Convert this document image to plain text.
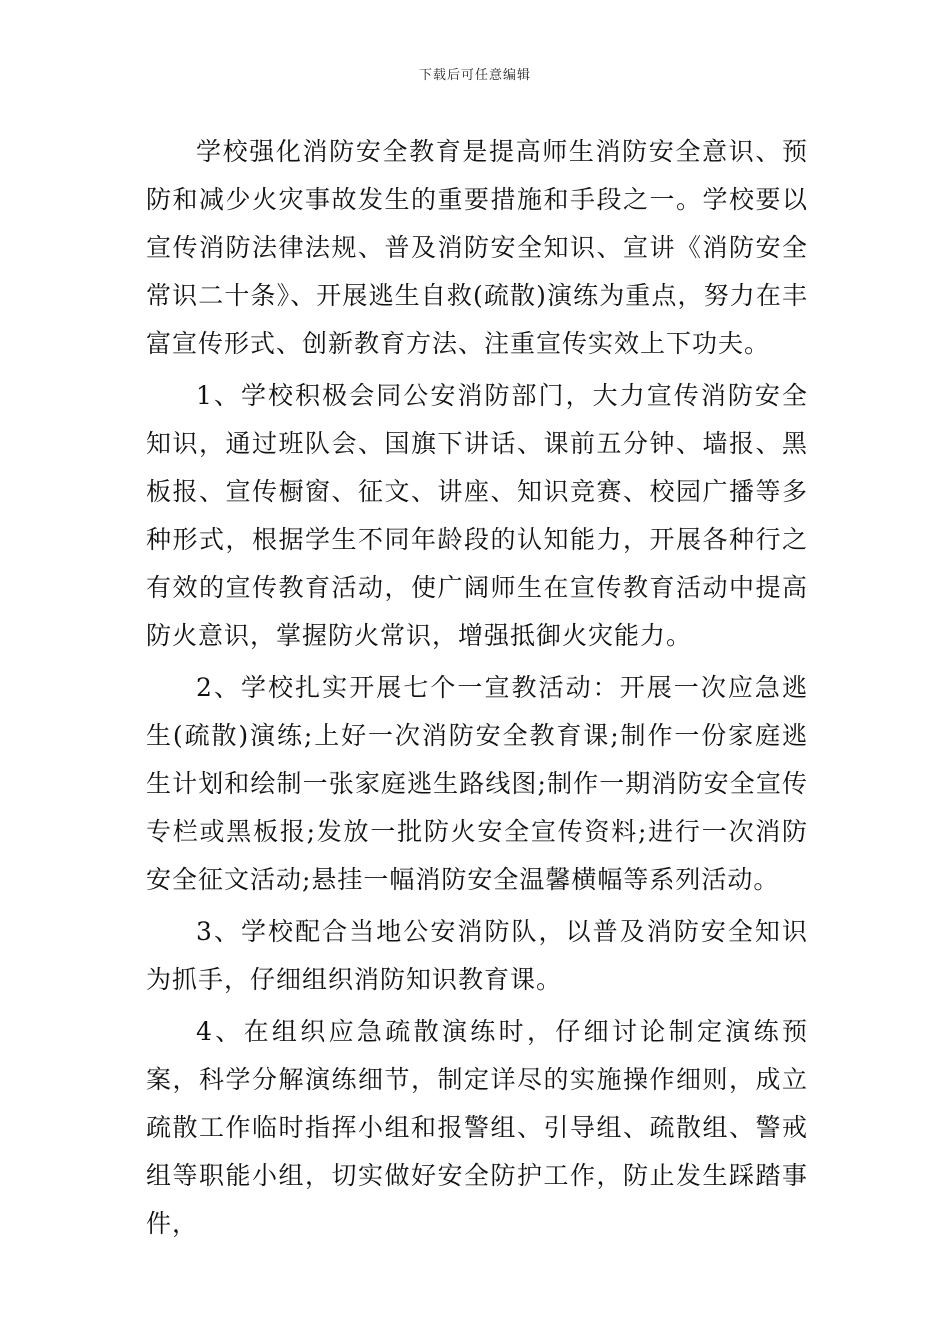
下载后可任意编辑

学校强化消防安全教育是提高师生消防安全意识、预防和减少火灾事故发生的重要措施和手段之一。学校要以宣传消防法律法规、普及消防安全知识、宣讲《消防安全常识二十条》、开展逃生自救(疏散)演练为重点，努力在丰富宣传形式、创新教育方法、注重宣传实效上下功夫。

1、学校积极会同公安消防部门，大力宣传消防安全知识，通过班队会、国旗下讲话、课前五分钟、墙报、黑板报、宣传橱窗、征文、讲座、知识竞赛、校园广播等多种形式，根据学生不同年龄段的认知能力，开展各种行之有效的宣传教育活动，使广阔师生在宣传教育活动中提高防火意识，掌握防火常识，增强抵御火灾能力。

2、学校扎实开展七个一宣教活动：开展一次应急逃生(疏散)演练;上好一次消防安全教育课;制作一份家庭逃生计划和绘制一张家庭逃生路线图;制作一期消防安全宣传专栏或黑板报;发放一批防火安全宣传资料;进行一次消防安全征文活动;悬挂一幅消防安全温馨横幅等系列活动。

3、学校配合当地公安消防队，以普及消防安全知识为抓手，仔细组织消防知识教育课。

4、在组织应急疏散演练时，仔细讨论制定演练预案，科学分解演练细节，制定详尽的实施操作细则，成立疏散工作临时指挥小组和报警组、引导组、疏散组、警戒组等职能小组，切实做好安全防护工作，防止发生踩踏事件，
